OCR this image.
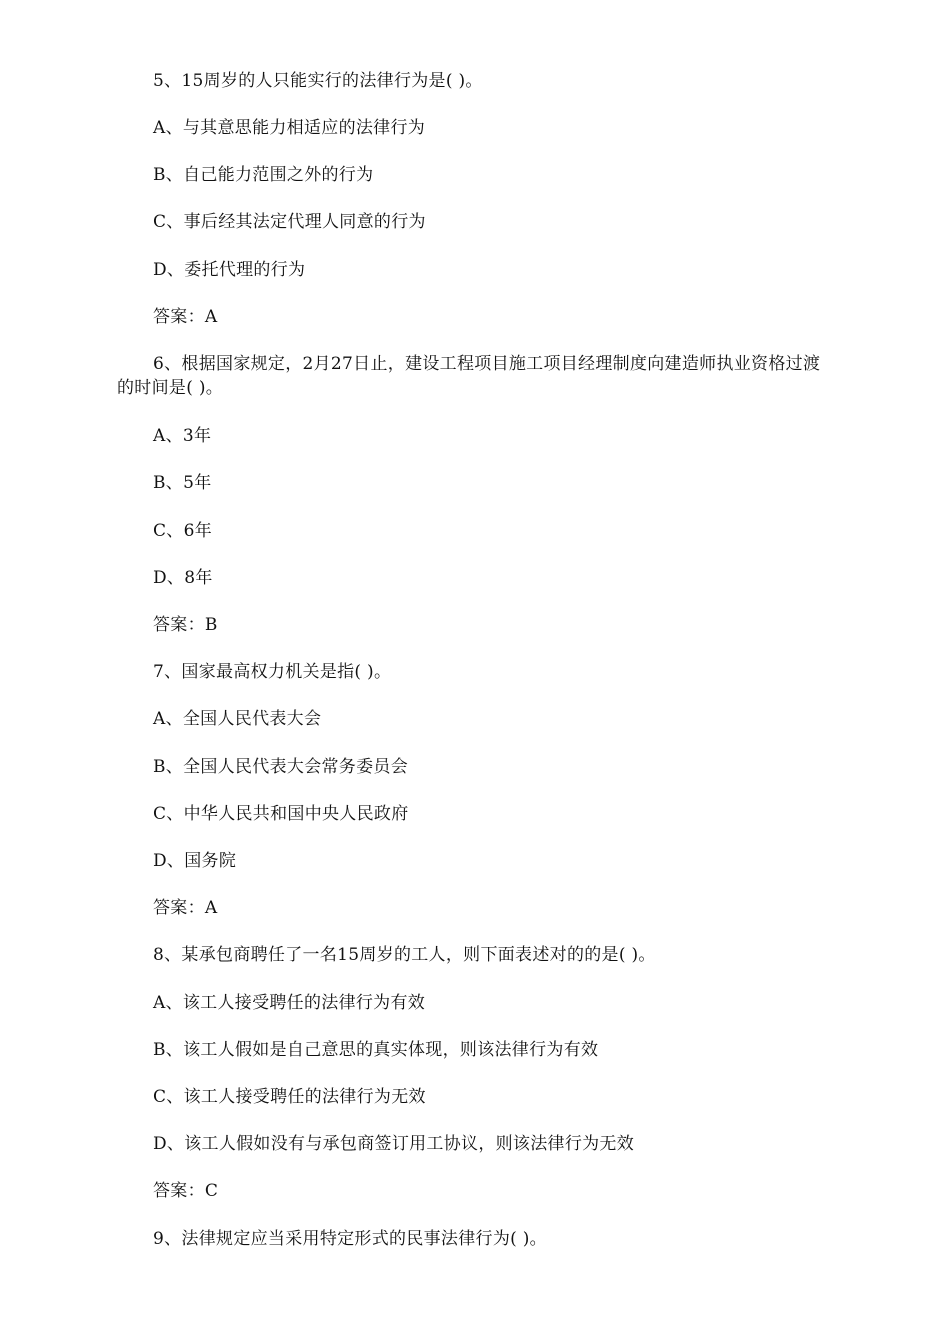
5、15周岁的人只能实行的法律行为是( )。
A、与其意思能力相适应的法律行为
B、自己能力范围之外的行为
C、事后经其法定代理人同意的行为
D、委托代理的行为
答案：A
6、根据国家规定，2月27日止，建设工程项目施工项目经理制度向建造师执业资格过渡的时间是( )。
A、3年
B、5年
C、6年
D、8年
答案：B
7、国家最高权力机关是指( )。
A、全国人民代表大会
B、全国人民代表大会常务委员会
C、中华人民共和国中央人民政府
D、国务院
答案：A
8、某承包商聘任了一名15周岁的工人，则下面表述对的的是( )。
A、该工人接受聘任的法律行为有效
B、该工人假如是自己意思的真实体现，则该法律行为有效
C、该工人接受聘任的法律行为无效
D、该工人假如没有与承包商签订用工协议，则该法律行为无效
答案：C
9、法律规定应当采用特定形式的民事法律行为( )。
